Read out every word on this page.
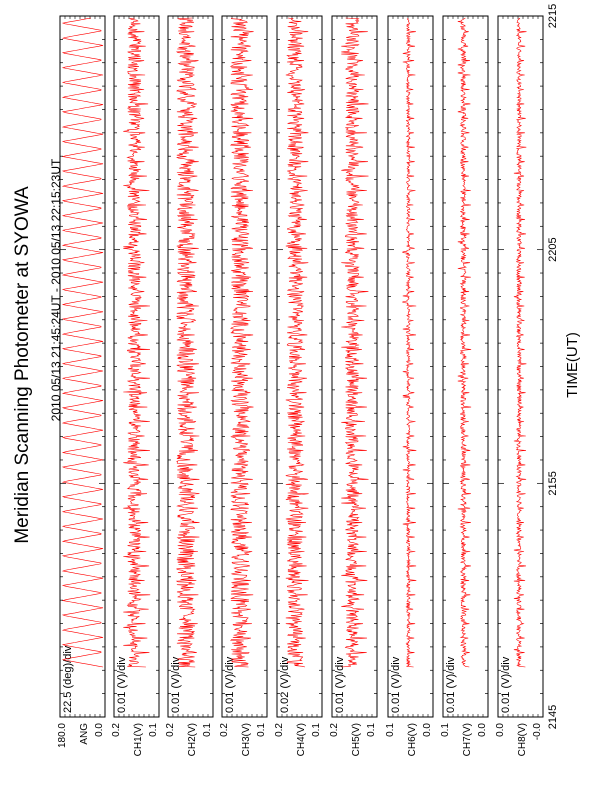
Meridian Scanning Photometer at SYOWA 2010 05/13 21:45:24UT - 2010 05/13 22:15:23UT	TIME(UT)
22.5 (deg)/div
ANG
180.0	0.0
0.01 (V)/div
CH1(V)
0.2	0.1
0.01 (V)/div
CH2(V)
0.2	0.1
0.01 (V)/div
CH3(V)
0.2	0.1
0.02 (V)/div
CH4(V)
0.2	0.1
0.01 (V)/div
CH5(V)
0.2	0.1
0.01 (V)/div
CH6(V)
0.1	0.0
0.01 (V)/div
CH7(V)
0.1	0.0
0.01 (V)/div
CH8(V)
0.0	-0.0
2145
2155
2205
2215
